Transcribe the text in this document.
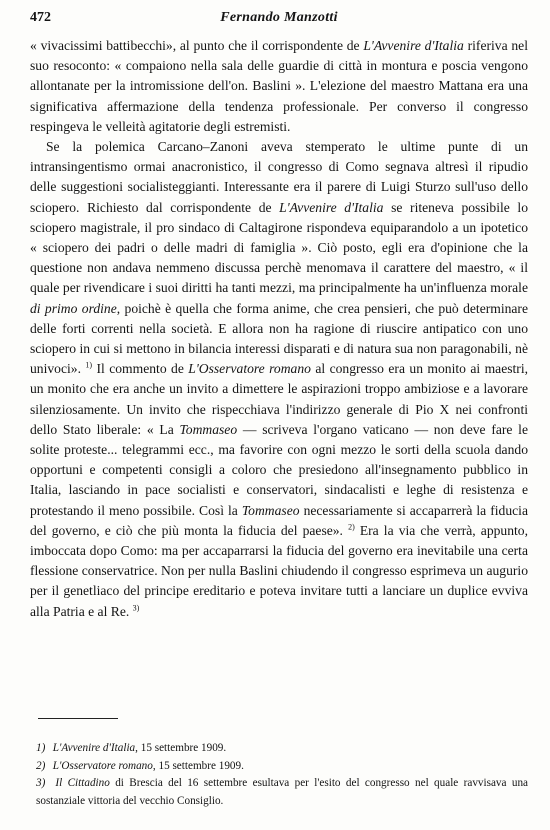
472	Fernando Manzotti

« vivacissimi battibecchi», al punto che il corrispondente de L'Avvenire d'Italia riferiva nel suo resoconto: « compaiono nella sala delle guardie di città in montura e poscia vengono allontanate per la intromissione dell'on. Baslini ». L'elezione del maestro Mattana era una significativa affermazione della tendenza professionale. Per converso il congresso respingeva le velleità agitatorie degli estremisti.

Se la polemica Carcano–Zanoni aveva stemperato le ultime punte di un intransingentismo ormai anacronistico, il congresso di Como segnava altresì il ripudio delle suggestioni socialisteggianti. Interessante era il parere di Luigi Sturzo sull'uso dello sciopero. Richiesto dal corrispondente de L'Avvenire d'Italia se riteneva possibile lo sciopero magistrale, il pro sindaco di Caltagirone rispondeva equiparandolo a un ipotetico « sciopero dei padri o delle madri di famiglia ». Ciò posto, egli era d'opinione che la questione non andava nemmeno discussa perchè menomava il carattere del maestro, « il quale per rivendicare i suoi diritti ha tanti mezzi, ma principalmente ha un'influenza morale di primo ordine, poichè è quella che forma anime, che crea pensieri, che può determinare delle forti correnti nella società. E allora non ha ragione di riuscire antipatico con uno sciopero in cui si mettono in bilancia interessi disparati e di natura sua non paragonabili, nè univoci». $^{1)}$ Il commento de L'Osservatore romano al congresso era un monito ai maestri, un monito che era anche un invito a dimettere le aspirazioni troppo ambiziose e a lavorare silenziosamente. Un invito che rispecchiava l'indirizzo generale di Pio X nei confronti dello Stato liberale: « La Tommaseo — scriveva l'organo vaticano — non deve fare le solite proteste... telegrammi ecc., ma favorire con ogni mezzo le sorti della scuola dando opportuni e competenti consigli a coloro che presiedono all'insegnamento pubblico in Italia, lasciando in pace socialisti e conservatori, sindacalisti e leghe di resistenza e protestando il meno possibile. Così la Tommaseo necessariamente si accaparrerà la fiducia del governo, e ciò che più monta la fiducia del paese». $^{2)}$ Era la via che verrà, appunto, imboccata dopo Como: ma per accaparrarsi la fiducia del governo era inevitabile una certa flessione conservatrice. Non per nulla Baslini chiudendo il congresso esprimeva un augurio per il genetliaco del principe ereditario e poteva invitare tutti a lanciare un duplice evviva alla Patria e al Re. $^{3)}$

1) L'Avvenire d'Italia, 15 settembre 1909.
2) L'Osservatore romano, 15 settembre 1909.
3) Il Cittadino di Brescia del 16 settembre esultava per l'esito del congresso nel quale ravvisava una sostanziale vittoria del vecchio Consiglio.
